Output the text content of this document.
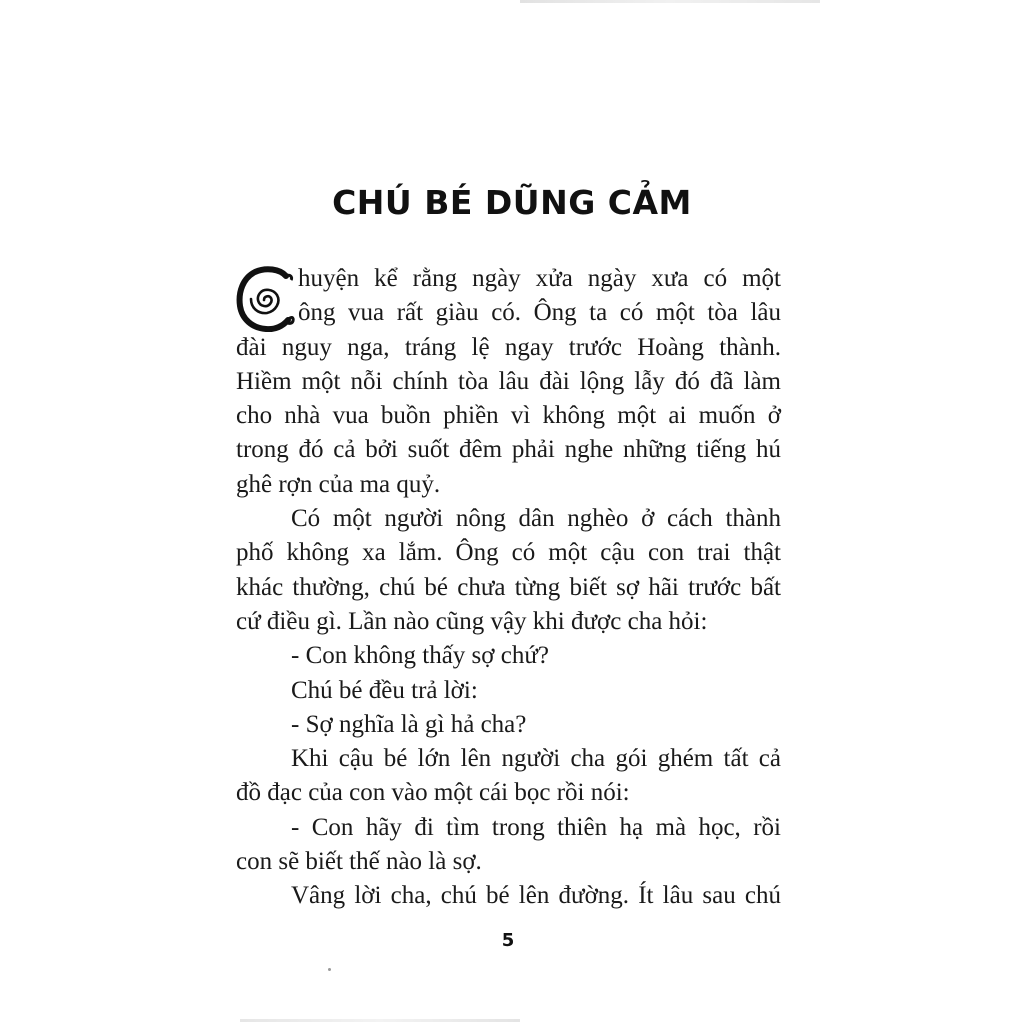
CHÚ BÉ DŨNG CẢM
huyện kể rằng ngày xửa ngày xưa có một
ông vua rất giàu có. Ông ta có một tòa lâu
đài nguy nga, tráng lệ ngay trước Hoàng thành.
Hiềm một nỗi chính tòa lâu đài lộng lẫy đó đã làm
cho nhà vua buồn phiền vì không một ai muốn ở
trong đó cả bởi suốt đêm phải nghe những tiếng hú
ghê rợn của ma quỷ.
Có một người nông dân nghèo ở cách thành
phố không xa lắm. Ông có một cậu con trai thật
khác thường, chú bé chưa từng biết sợ hãi trước bất
cứ điều gì. Lần nào cũng vậy khi được cha hỏi:
- Con không thấy sợ chứ?
Chú bé đều trả lời:
- Sợ nghĩa là gì hả cha?
Khi cậu bé lớn lên người cha gói ghém tất cả
đồ đạc của con vào một cái bọc rồi nói:
- Con hãy đi tìm trong thiên hạ mà học, rồi
con sẽ biết thế nào là sợ.
Vâng lời cha, chú bé lên đường. Ít lâu sau chú
5
